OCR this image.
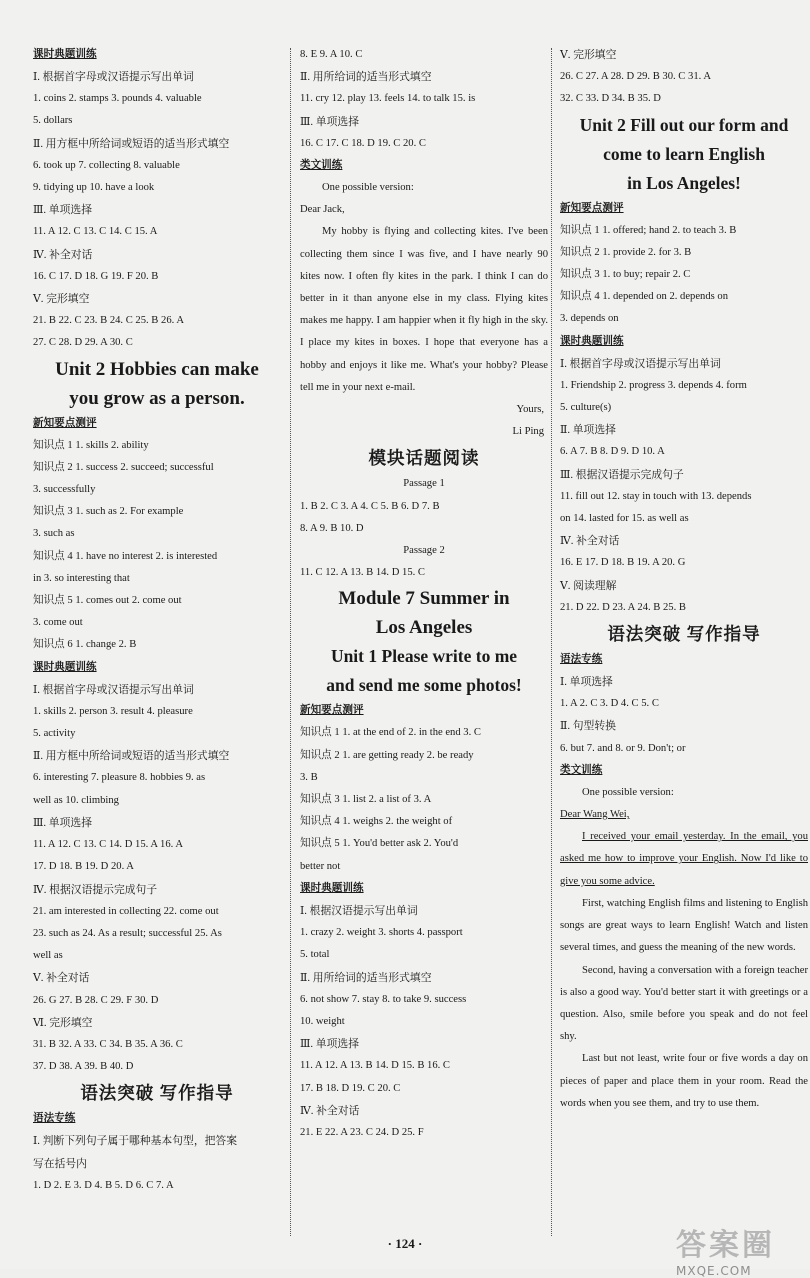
课时典题训练
Ⅰ. 根据首字母或汉语提示写出单词
1. coins 2. stamps 3. pounds 4. valuable
5. dollars
Ⅱ. 用方框中所给词或短语的适当形式填空
6. took up 7. collecting 8. valuable
9. tidying up 10. have a look
Ⅲ. 单项选择
11. A 12. C 13. C 14. C 15. A
Ⅳ. 补全对话
16. C 17. D 18. G 19. F 20. B
Ⅴ. 完形填空
21. B 22. C 23. B 24. C 25. B 26. A
27. C 28. D 29. A 30. C
Unit 2 Hobbies can make
you grow as a person.
新知要点测评
知识点 1 1. skills 2. ability
知识点 2 1. success 2. succeed; successful
3. successfully
知识点 3 1. such as 2. For example
3. such as
知识点 4 1. have no interest 2. is interested
in 3. so interesting that
知识点 5 1. comes out 2. come out
3. come out
知识点 6 1. change 2. B
课时典题训练
Ⅰ. 根据首字母或汉语提示写出单词
1. skills 2. person 3. result 4. pleasure
5. activity
Ⅱ. 用方框中所给词或短语的适当形式填空
6. interesting 7. pleasure 8. hobbies 9. as
well as 10. climbing
Ⅲ. 单项选择
11. A 12. C 13. C 14. D 15. A 16. A
17. D 18. B 19. D 20. A
Ⅳ. 根据汉语提示完成句子
21. am interested in collecting 22. come out
23. such as 24. As a result; successful 25. As
well as
Ⅴ. 补全对话
26. G 27. B 28. C 29. F 30. D
Ⅵ. 完形填空
31. B 32. A 33. C 34. B 35. A 36. C
37. D 38. A 39. B 40. D
语法突破 写作指导
语法专练
Ⅰ. 判断下列句子属于哪种基本句型，把答案
写在括号内
1. D 2. E 3. D 4. B 5. D 6. C 7. A
8. E 9. A 10. C
Ⅱ. 用所给词的适当形式填空
11. cry 12. play 13. feels 14. to talk 15. is
Ⅲ. 单项选择
16. C 17. C 18. D 19. C 20. C
类文训练
One possible version:
Dear Jack,
My hobby is flying and collecting kites. I've been collecting them since I was five, and I have nearly 90 kites now. I often fly kites in the park. I think I can do better in it than anyone else in my class. Flying kites makes me happy. I am happier when it fly high in the sky. I place my kites in boxes. I hope that everyone has a hobby and enjoys it like me. What's your hobby? Please tell me in your next e-mail.
Yours,
Li Ping
模块话题阅读
Passage 1
1. B 2. C 3. A 4. C 5. B 6. D 7. B
8. A 9. B 10. D
Passage 2
11. C 12. A 13. B 14. D 15. C
Module 7 Summer in
Los Angeles
Unit 1 Please write to me
and send me some photos!
新知要点测评
知识点 1 1. at the end of 2. in the end 3. C
知识点 2 1. are getting ready 2. be ready
3. B
知识点 3 1. list 2. a list of 3. A
知识点 4 1. weighs 2. the weight of
知识点 5 1. You'd better ask 2. You'd
better not
课时典题训练
Ⅰ. 根据汉语提示写出单词
1. crazy 2. weight 3. shorts 4. passport
5. total
Ⅱ. 用所给词的适当形式填空
6. not show 7. stay 8. to take 9. success
10. weight
Ⅲ. 单项选择
11. A 12. A 13. B 14. D 15. B 16. C
17. B 18. D 19. C 20. C
Ⅳ. 补全对话
21. E 22. A 23. C 24. D 25. F
Ⅴ. 完形填空
26. C 27. A 28. D 29. B 30. C 31. A
32. C 33. D 34. B 35. D
Unit 2 Fill out our form and
come to learn English
in Los Angeles!
新知要点测评
知识点 1 1. offered; hand 2. to teach 3. B
知识点 2 1. provide 2. for 3. B
知识点 3 1. to buy; repair 2. C
知识点 4 1. depended on 2. depends on
3. depends on
课时典题训练
Ⅰ. 根据首字母或汉语提示写出单词
1. Friendship 2. progress 3. depends 4. form
5. culture(s)
Ⅱ. 单项选择
6. A 7. B 8. D 9. D 10. A
Ⅲ. 根据汉语提示完成句子
11. fill out 12. stay in touch with 13. depends
on 14. lasted for 15. as well as
Ⅳ. 补全对话
16. E 17. D 18. B 19. A 20. G
Ⅴ. 阅读理解
21. D 22. D 23. A 24. B 25. B
语法突破 写作指导
语法专练
Ⅰ. 单项选择
1. A 2. C 3. D 4. C 5. C
Ⅱ. 句型转换
6. but 7. and 8. or 9. Don't; or
类文训练
One possible version:
Dear Wang Wei,
I received your email yesterday. In the email, you asked me how to improve your English. Now I'd like to give you some advice.
First, watching English films and listening to English songs are great ways to learn English! Watch and listen several times, and guess the meaning of the new words.
Second, having a conversation with a foreign teacher is also a good way. You'd better start it with greetings or a question. Also, smile before you speak and do not feel shy.
Last but not least, write four or five words a day on pieces of paper and place them in your room. Read the words when you see them, and try to use them.
· 124 ·	答案圈
MXQE.COM
